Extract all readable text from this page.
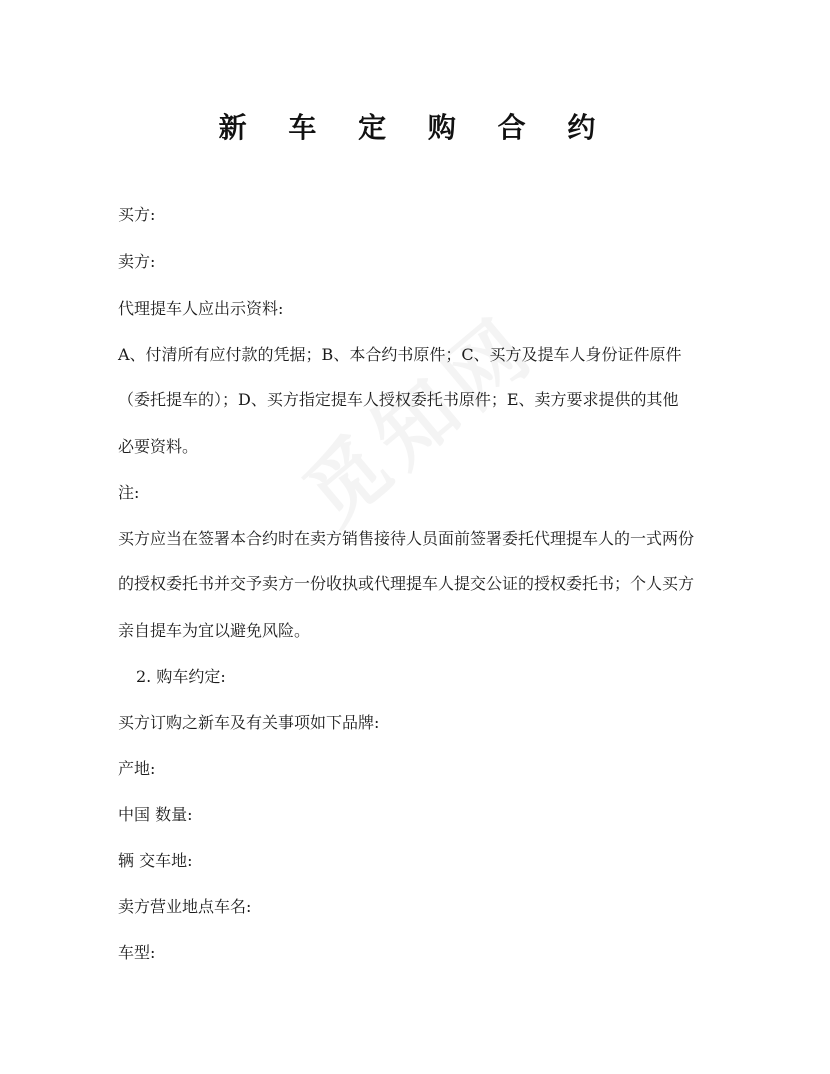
新 车 定 购 合 约
买方:
卖方:
代理提车人应出示资料:
A、付清所有应付款的凭据；B、本合约书原件；C、买方及提车人身份证件原件
（委托提车的）；D、买方指定提车人授权委托书原件；E、卖方要求提供的其他
必要资料。
注:
买方应当在签署本合约时在卖方销售接待人员面前签署委托代理提车人的一式两份
的授权委托书并交予卖方一份收执或代理提车人提交公证的授权委托书；个人买方
亲自提车为宜以避免风险。
2. 购车约定:
买方订购之新车及有关事项如下品牌:
产地:
中国 数量:
辆 交车地:
卖方营业地点车名:
车型:
